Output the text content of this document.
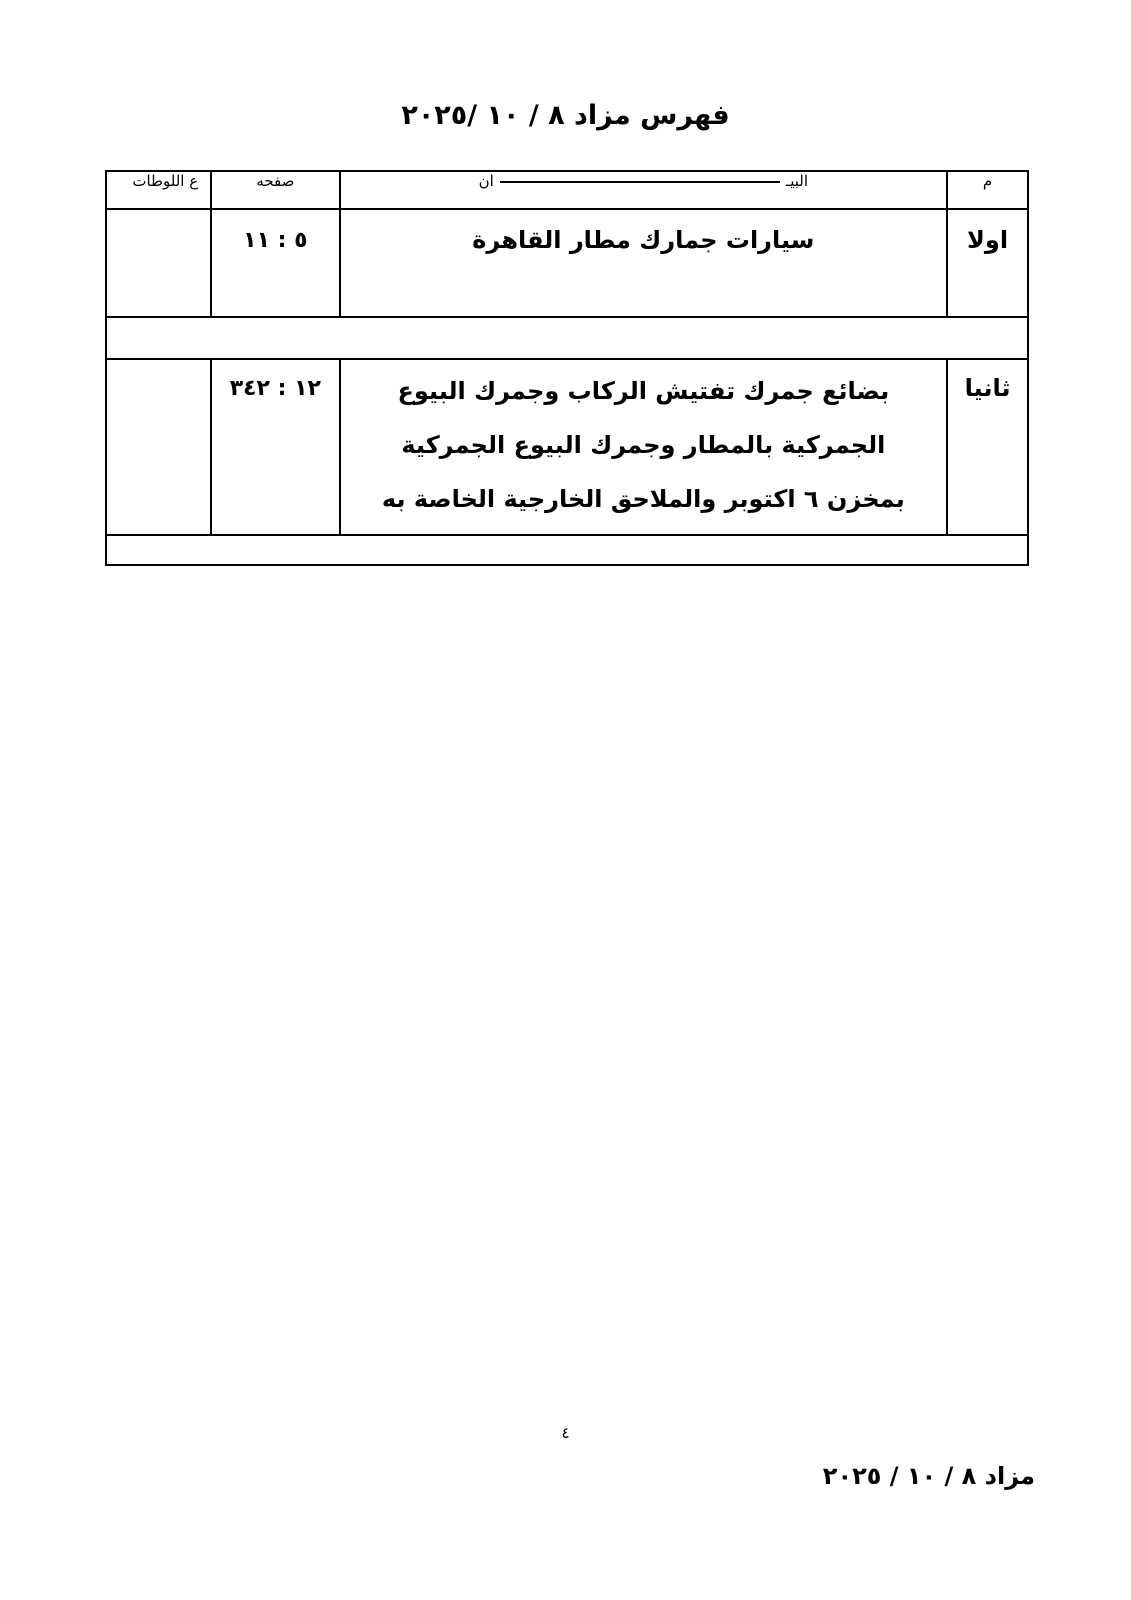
فهرس مزاد ٨ / ١٠ /٢٠٢٥
م	البيـان	صفحه	ع اللوطات
اولا	سيارات جمارك مطار القاهرة	٥ : ١١	

ثانيا	بضائع جمرك تفتيش الركاب وجمرك البيوع الجمركية بالمطار وجمرك البيوع الجمركية بمخزن ٦ اكتوبر والملاحق الخارجية الخاصة به	١٢ : ٣٤٢	

٤
مزاد ٨ / ١٠ / ٢٠٢٥
